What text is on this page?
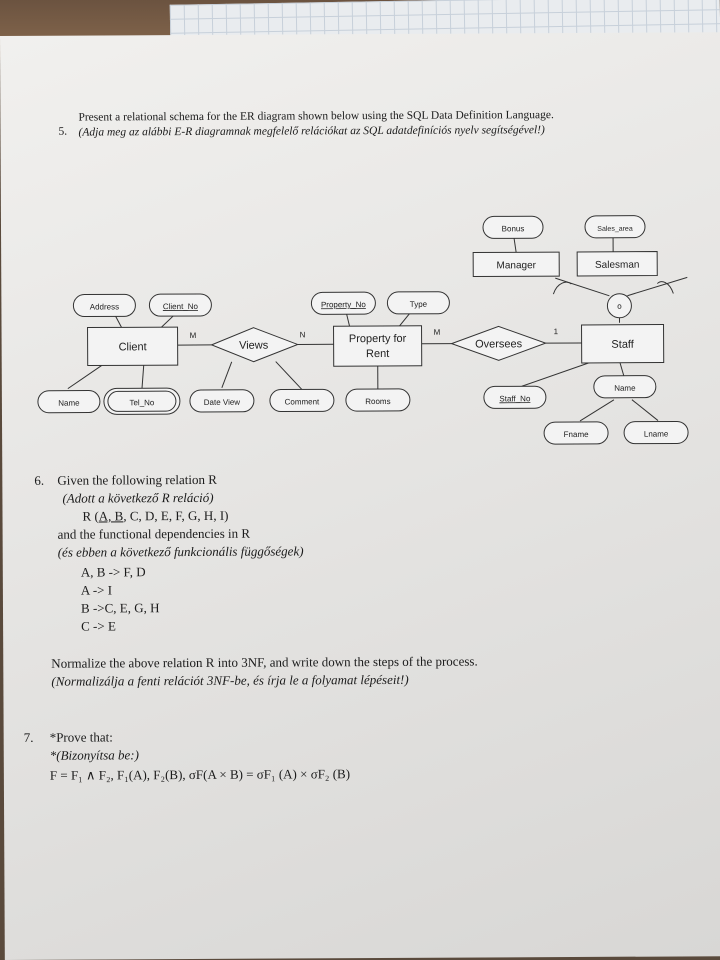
5.
Present a relational schema for the ER diagram shown below using the SQL Data Definition Language.
(Adja meg az alábbi E-R diagramnak megfelelő relációkat az SQL adatdefiníciós nyelv segítségével!)
Client
Address	Client_No
Name	Tel_No
Views
M	N
Date View	Comment
Property for
Rent
Property_No	Type
Rooms
Oversees
M	1
Staff
Staff_No
Name
Fname	Lname
o
Manager	Salesman
Bonus	Sales_area
6. Given the following relation R
(Adott a következő R reláció)
R (A, B, C, D, E, F, G, H, I)
and the functional dependencies in R
(és ebben a következő funkcionális függőségek)
A, B -> F, D
A -> I
B ->C, E, G, H
C -> E
Normalize the above relation R into 3NF, and write down the steps of the process.
(Normalizálja a fenti relációt 3NF-be, és írja le a folyamat lépéseit!)
7. *Prove that:
*(Bizonyítsa be:)
F = F₁ ∧ F₂, F₁(A), F₂(B), σF(A × B) = σF₁ (A) × σF₂ (B)
